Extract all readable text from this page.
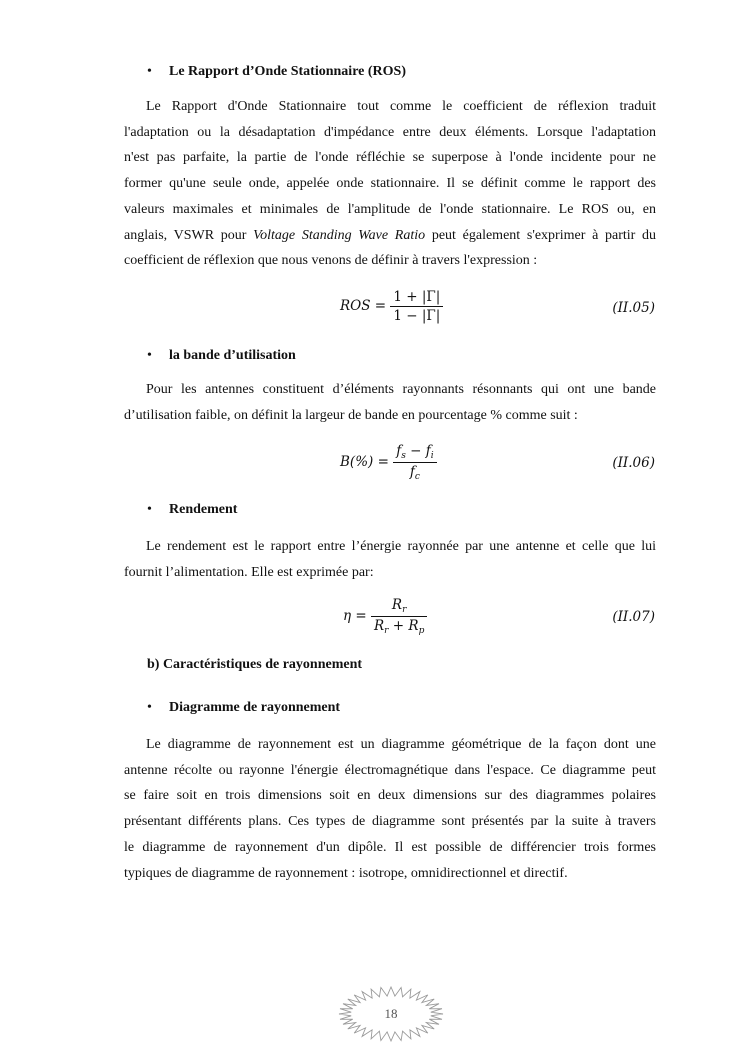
• Le Rapport d’Onde Stationnaire (ROS)
Le Rapport d'Onde Stationnaire tout comme le coefficient de réflexion traduit
l'adaptation ou la désadaptation d'impédance entre deux éléments. Lorsque l'adaptation
n'est pas parfaite, la partie de l'onde réfléchie se superpose à l'onde incidente pour ne
former qu'une seule onde, appelée onde stationnaire. Il se définit comme le rapport des
valeurs maximales et minimales de l'amplitude de l'onde stationnaire. Le ROS ou, en
anglais, VSWR pour Voltage Standing Wave Ratio peut également s'exprimer à partir du
coefficient de réflexion que nous venons de définir à travers l'expression :
ROS = $\frac{1 + |\Gamma|}{1 - |\Gamma|}$	(II.05)
• la bande d’utilisation
Pour les antennes constituent d’éléments rayonnants résonnants qui ont une bande
d’utilisation faible, on définit la largeur de bande en pourcentage % comme suit :
$B(\%) = \frac{f_s - f_i}{f_c}$	(II.06)
• Rendement
Le rendement est le rapport entre l’énergie rayonnée par une antenne et celle que lui
fournit l’alimentation. Elle est exprimée par:
$\eta = \frac{R_r}{R_r + R_p}$	(II.07)
b) Caractéristiques de rayonnement
• Diagramme de rayonnement
Le diagramme de rayonnement est un diagramme géométrique de la façon dont une
antenne récolte ou rayonne l'énergie électromagnétique dans l'espace. Ce diagramme peut
se faire soit en trois dimensions soit en deux dimensions sur des diagrammes polaires
présentant différents plans. Ces types de diagramme sont présentés par la suite à travers
le diagramme de rayonnement d'un dipôle. Il est possible de différencier trois formes
typiques de diagramme de rayonnement : isotrope, omnidirectionnel et directif.
18
